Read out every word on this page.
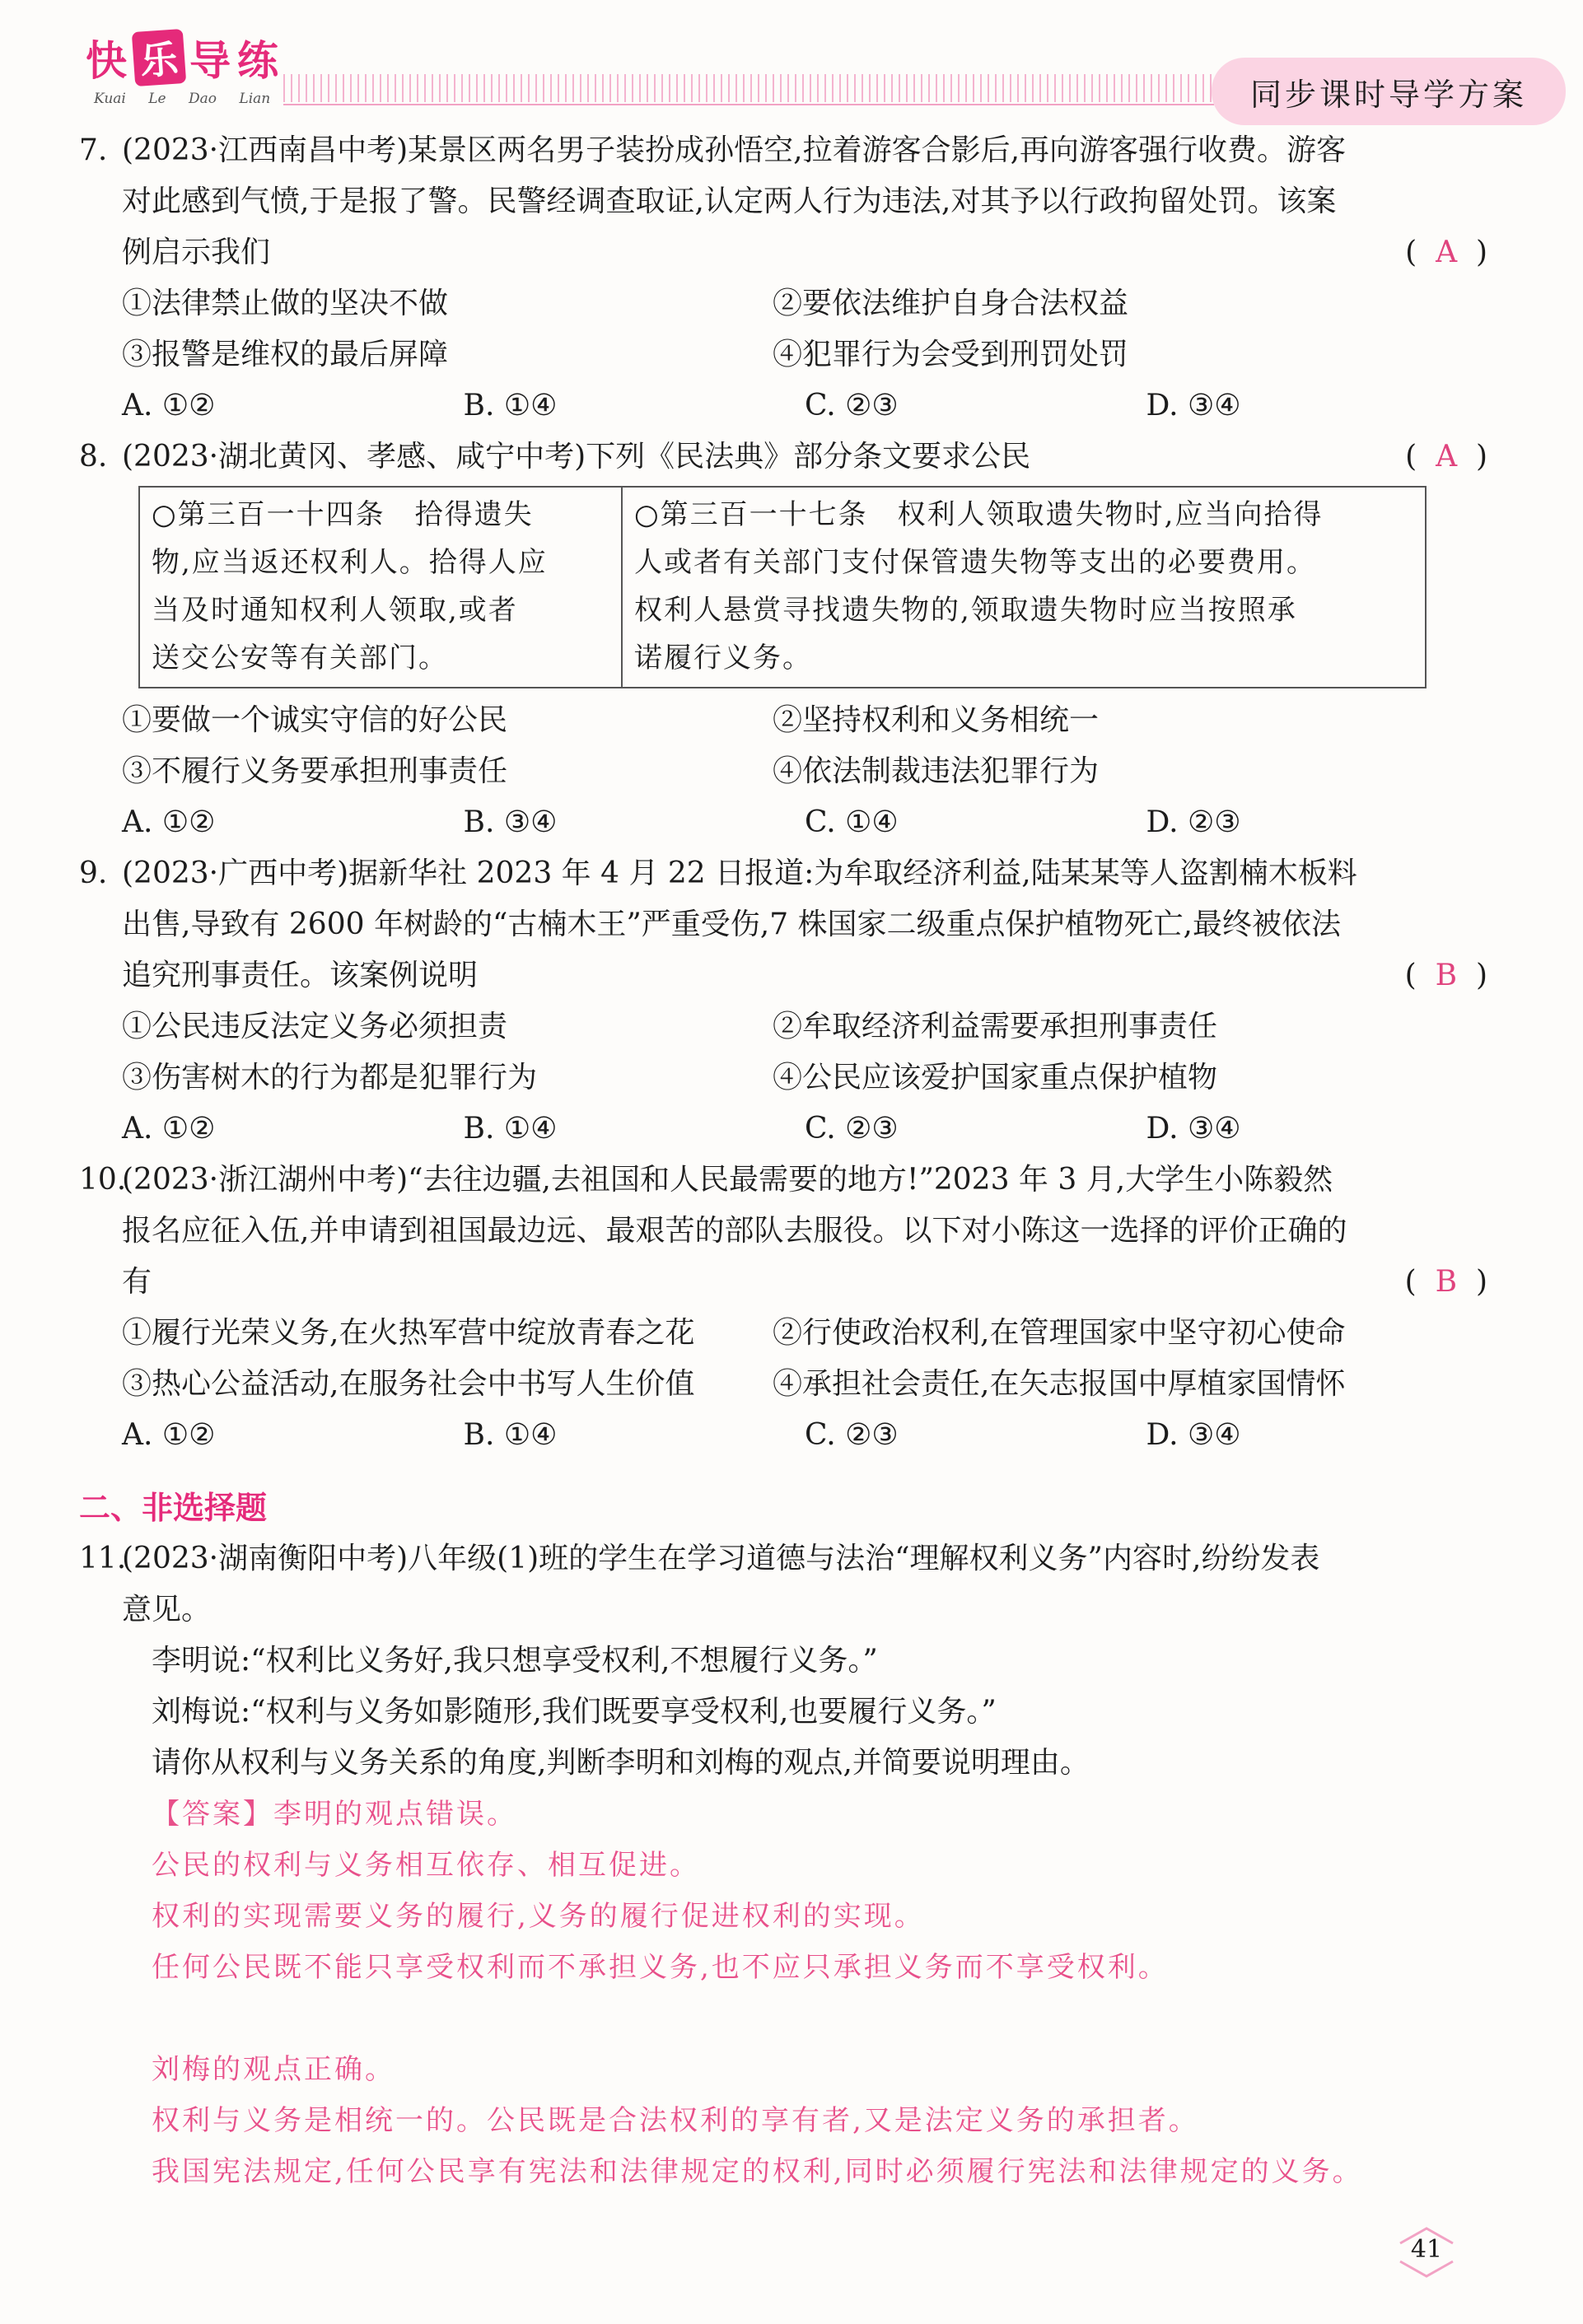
快 乐 导 练
Kuai Le Dao Lian	同步课时导学方案
7. (2023·江西南昌中考)某景区两名男子装扮成孙悟空,拉着游客合影后,再向游客强行收费。游客
对此感到气愤,于是报了警。民警经调查取证,认定两人行为违法,对其予以行政拘留处罚。该案
例启示我们	( A )
①法律禁止做的坚决不做	②要依法维护自身合法权益
③报警是维权的最后屏障	④犯罪行为会受到刑罚处罚
A. ①②	B. ①④	C. ②③	D. ③④
8. (2023·湖北黄冈、孝感、咸宁中考)下列《民法典》部分条文要求公民	( A )
○第三百一十四条　拾得遗失
物,应当返还权利人。拾得人应
当及时通知权利人领取,或者
送交公安等有关部门。
○第三百一十七条　权利人领取遗失物时,应当向拾得
人或者有关部门支付保管遗失物等支出的必要费用。
权利人悬赏寻找遗失物的,领取遗失物时应当按照承
诺履行义务。
①要做一个诚实守信的好公民	②坚持权利和义务相统一
③不履行义务要承担刑事责任	④依法制裁违法犯罪行为
A. ①②	B. ③④	C. ①④	D. ②③
9. (2023·广西中考)据新华社 2023 年 4 月 22 日报道:为牟取经济利益,陆某某等人盗割楠木板料
出售,导致有 2600 年树龄的“古楠木王”严重受伤,7 株国家二级重点保护植物死亡,最终被依法
追究刑事责任。该案例说明	( B )
①公民违反法定义务必须担责	②牟取经济利益需要承担刑事责任
③伤害树木的行为都是犯罪行为	④公民应该爱护国家重点保护植物
A. ①②	B. ①④	C. ②③	D. ③④
10.(2023·浙江湖州中考)“去往边疆,去祖国和人民最需要的地方!”2023 年 3 月,大学生小陈毅然
报名应征入伍,并申请到祖国最边远、最艰苦的部队去服役。以下对小陈这一选择的评价正确的
有	( B )
①履行光荣义务,在火热军营中绽放青春之花	②行使政治权利,在管理国家中坚守初心使命
③热心公益活动,在服务社会中书写人生价值	④承担社会责任,在矢志报国中厚植家国情怀
A. ①②	B. ①④	C. ②③	D. ③④
二、非选择题
11.(2023·湖南衡阳中考)八年级(1)班的学生在学习道德与法治“理解权利义务”内容时,纷纷发表
意见。
李明说:“权利比义务好,我只想享受权利,不想履行义务。”
刘梅说:“权利与义务如影随形,我们既要享受权利,也要履行义务。”
请你从权利与义务关系的角度,判断李明和刘梅的观点,并简要说明理由。
【答案】李明的观点错误。
公民的权利与义务相互依存、相互促进。
权利的实现需要义务的履行,义务的履行促进权利的实现。
任何公民既不能只享受权利而不承担义务,也不应只承担义务而不享受权利。
刘梅的观点正确。
权利与义务是相统一的。公民既是合法权利的享有者,又是法定义务的承担者。
我国宪法规定,任何公民享有宪法和法律规定的权利,同时必须履行宪法和法律规定的义务。
41
